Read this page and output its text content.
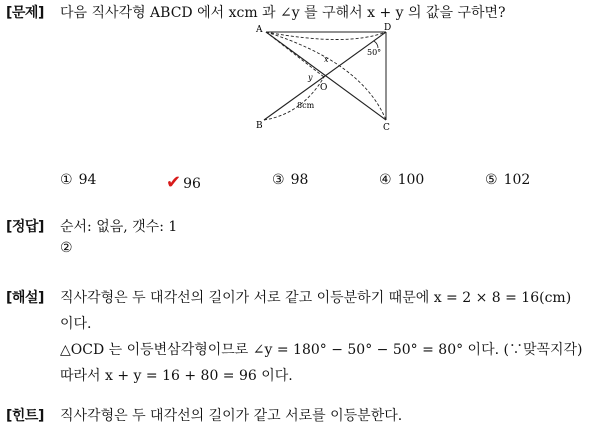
[문제] 다음 직사각형 ABCD 에서 xcm 과 ∠y 를 구해서 x + y 의 값을 구하면?
A	D
B	C
O
x
y
50°
8cm
① 94	✔ 96	③ 98	④ 100	⑤ 102
[정답] 순서: 없음, 갯수: 1
②
[해설] 직사각형은 두 대각선의 길이가 서로 같고 이등분하기 때문에 x = 2 × 8 = 16(cm)
이다.
△OCD 는 이등변삼각형이므로 ∠y = 180° − 50° − 50° = 80° 이다. (∵맞꼭지각)
따라서 x + y = 16 + 80 = 96 이다.
[힌트] 직사각형은 두 대각선의 길이가 같고 서로를 이등분한다.
